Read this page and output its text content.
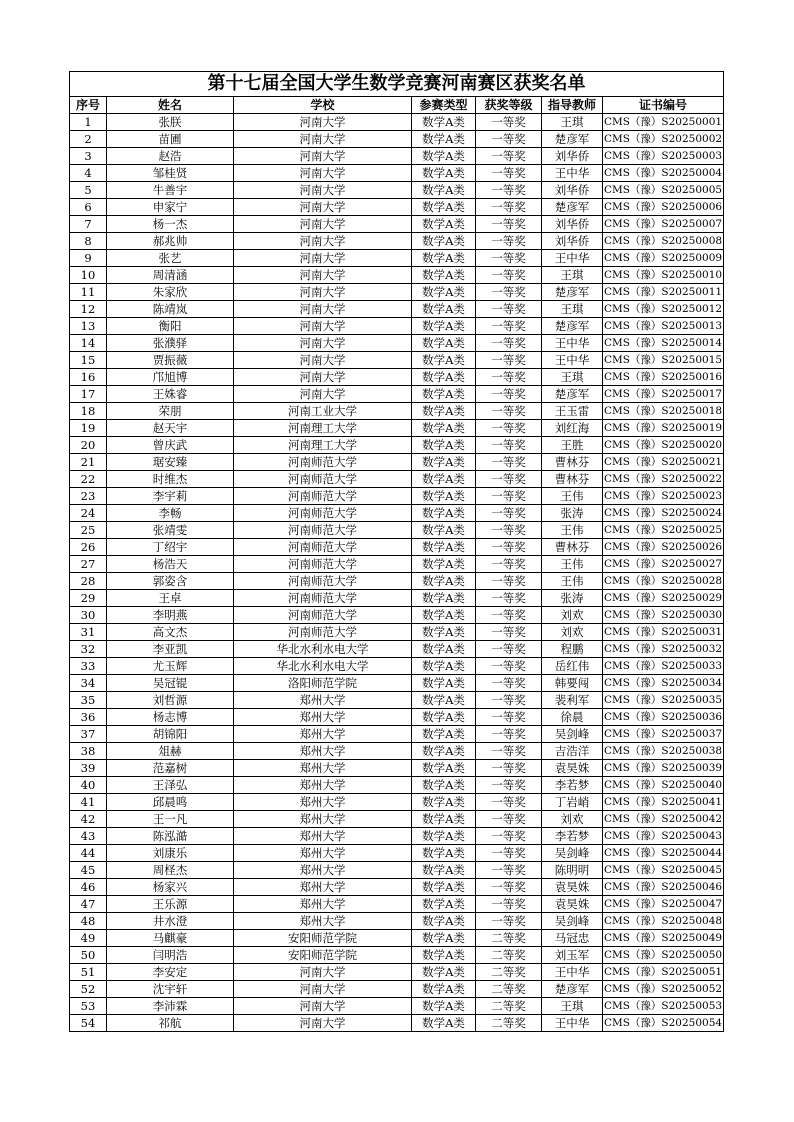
第十七届全国大学生数学竞赛河南赛区获奖名单						
序号	姓名	学校	参赛类型	获奖等级	指导教师	证书编号
1	张朕	河南大学	数学A类	一等奖	王琪	CMS（豫）S20250001
2	苗圃	河南大学	数学A类	一等奖	楚彦军	CMS（豫）S20250002
3	赵浩	河南大学	数学A类	一等奖	刘华侨	CMS（豫）S20250003
4	邹桂贤	河南大学	数学A类	一等奖	王中华	CMS（豫）S20250004
5	牛善宇	河南大学	数学A类	一等奖	刘华侨	CMS（豫）S20250005
6	申家宁	河南大学	数学A类	一等奖	楚彦军	CMS（豫）S20250006
7	杨一杰	河南大学	数学A类	一等奖	刘华侨	CMS（豫）S20250007
8	郝兆帅	河南大学	数学A类	一等奖	刘华侨	CMS（豫）S20250008
9	张艺	河南大学	数学A类	一等奖	王中华	CMS（豫）S20250009
10	周清涵	河南大学	数学A类	一等奖	王琪	CMS（豫）S20250010
11	朱家欣	河南大学	数学A类	一等奖	楚彦军	CMS（豫）S20250011
12	陈靖岚	河南大学	数学A类	一等奖	王琪	CMS（豫）S20250012
13	衡阳	河南大学	数学A类	一等奖	楚彦军	CMS（豫）S20250013
14	张濮驿	河南大学	数学A类	一等奖	王中华	CMS（豫）S20250014
15	贾振薇	河南大学	数学A类	一等奖	王中华	CMS（豫）S20250015
16	邝旭博	河南大学	数学A类	一等奖	王琪	CMS（豫）S20250016
17	王姝睿	河南大学	数学A类	一等奖	楚彦军	CMS（豫）S20250017
18	荣朋	河南工业大学	数学A类	一等奖	王玉雷	CMS（豫）S20250018
19	赵天宇	河南理工大学	数学A类	一等奖	刘红海	CMS（豫）S20250019
20	曾庆武	河南理工大学	数学A类	一等奖	王胜	CMS（豫）S20250020
21	琚安臻	河南师范大学	数学A类	一等奖	曹林芬	CMS（豫）S20250021
22	时维杰	河南师范大学	数学A类	一等奖	曹林芬	CMS（豫）S20250022
23	李宇莉	河南师范大学	数学A类	一等奖	王伟	CMS（豫）S20250023
24	李畅	河南师范大学	数学A类	一等奖	张涛	CMS（豫）S20250024
25	张靖雯	河南师范大学	数学A类	一等奖	王伟	CMS（豫）S20250025
26	丁绍宇	河南师范大学	数学A类	一等奖	曹林芬	CMS（豫）S20250026
27	杨浩天	河南师范大学	数学A类	一等奖	王伟	CMS（豫）S20250027
28	郭姿含	河南师范大学	数学A类	一等奖	王伟	CMS（豫）S20250028
29	王卓	河南师范大学	数学A类	一等奖	张涛	CMS（豫）S20250029
30	李明燕	河南师范大学	数学A类	一等奖	刘欢	CMS（豫）S20250030
31	高文杰	河南师范大学	数学A类	一等奖	刘欢	CMS（豫）S20250031
32	李亚凯	华北水利水电大学	数学A类	一等奖	程鹏	CMS（豫）S20250032
33	尤玉辉	华北水利水电大学	数学A类	一等奖	岳红伟	CMS（豫）S20250033
34	吴冠锟	洛阳师范学院	数学A类	一等奖	韩要闯	CMS（豫）S20250034
35	刘哲源	郑州大学	数学A类	一等奖	裴利军	CMS（豫）S20250035
36	杨志博	郑州大学	数学A类	一等奖	徐晨	CMS（豫）S20250036
37	胡锦阳	郑州大学	数学A类	一等奖	吴剑峰	CMS（豫）S20250037
38	俎赫	郑州大学	数学A类	一等奖	吉浩洋	CMS（豫）S20250038
39	范嘉树	郑州大学	数学A类	一等奖	袁昊姝	CMS（豫）S20250039
40	王泽弘	郑州大学	数学A类	一等奖	李若梦	CMS（豫）S20250040
41	邱晨鸣	郑州大学	数学A类	一等奖	丁岩峭	CMS（豫）S20250041
42	王一凡	郑州大学	数学A类	一等奖	刘欢	CMS（豫）S20250042
43	陈泓澔	郑州大学	数学A类	一等奖	李若梦	CMS（豫）S20250043
44	刘康乐	郑州大学	数学A类	一等奖	吴剑峰	CMS（豫）S20250044
45	周柽杰	郑州大学	数学A类	一等奖	陈明明	CMS（豫）S20250045
46	杨家兴	郑州大学	数学A类	一等奖	袁昊姝	CMS（豫）S20250046
47	王乐源	郑州大学	数学A类	一等奖	袁昊姝	CMS（豫）S20250047
48	井水澄	郑州大学	数学A类	一等奖	吴剑峰	CMS（豫）S20250048
49	马麒豪	安阳师范学院	数学A类	二等奖	马冠忠	CMS（豫）S20250049
50	闫明浩	安阳师范学院	数学A类	二等奖	刘玉军	CMS（豫）S20250050
51	李安定	河南大学	数学A类	二等奖	王中华	CMS（豫）S20250051
52	沈宇轩	河南大学	数学A类	二等奖	楚彦军	CMS（豫）S20250052
53	李沛霖	河南大学	数学A类	二等奖	王琪	CMS（豫）S20250053
54	祁航	河南大学	数学A类	二等奖	王中华	CMS（豫）S20250054
